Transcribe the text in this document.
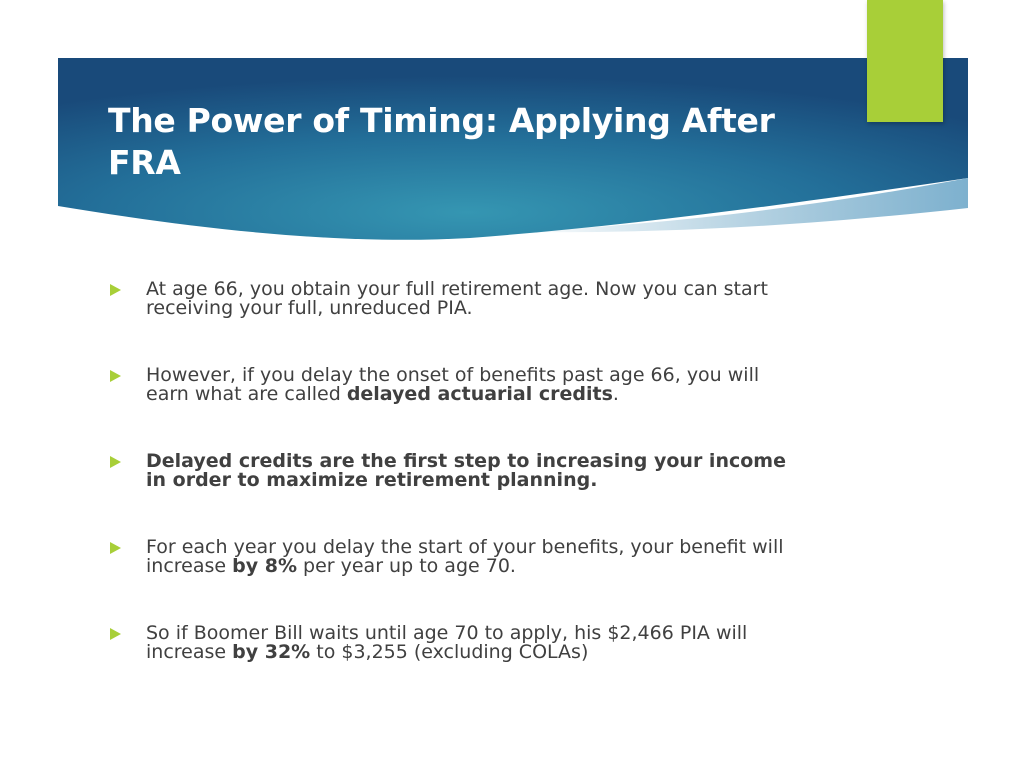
The Power of Timing: Applying After FRA

At age 66, you obtain your full retirement age. Now you can start receiving your full, unreduced PIA.

However, if you delay the onset of benefits past age 66, you will earn what are called delayed actuarial credits.

Delayed credits are the first step to increasing your income in order to maximize retirement planning.

For each year you delay the start of your benefits, your benefit will increase by 8% per year up to age 70.

So if Boomer Bill waits until age 70 to apply, his $2,466 PIA will increase by 32% to $3,255 (excluding COLAs)
